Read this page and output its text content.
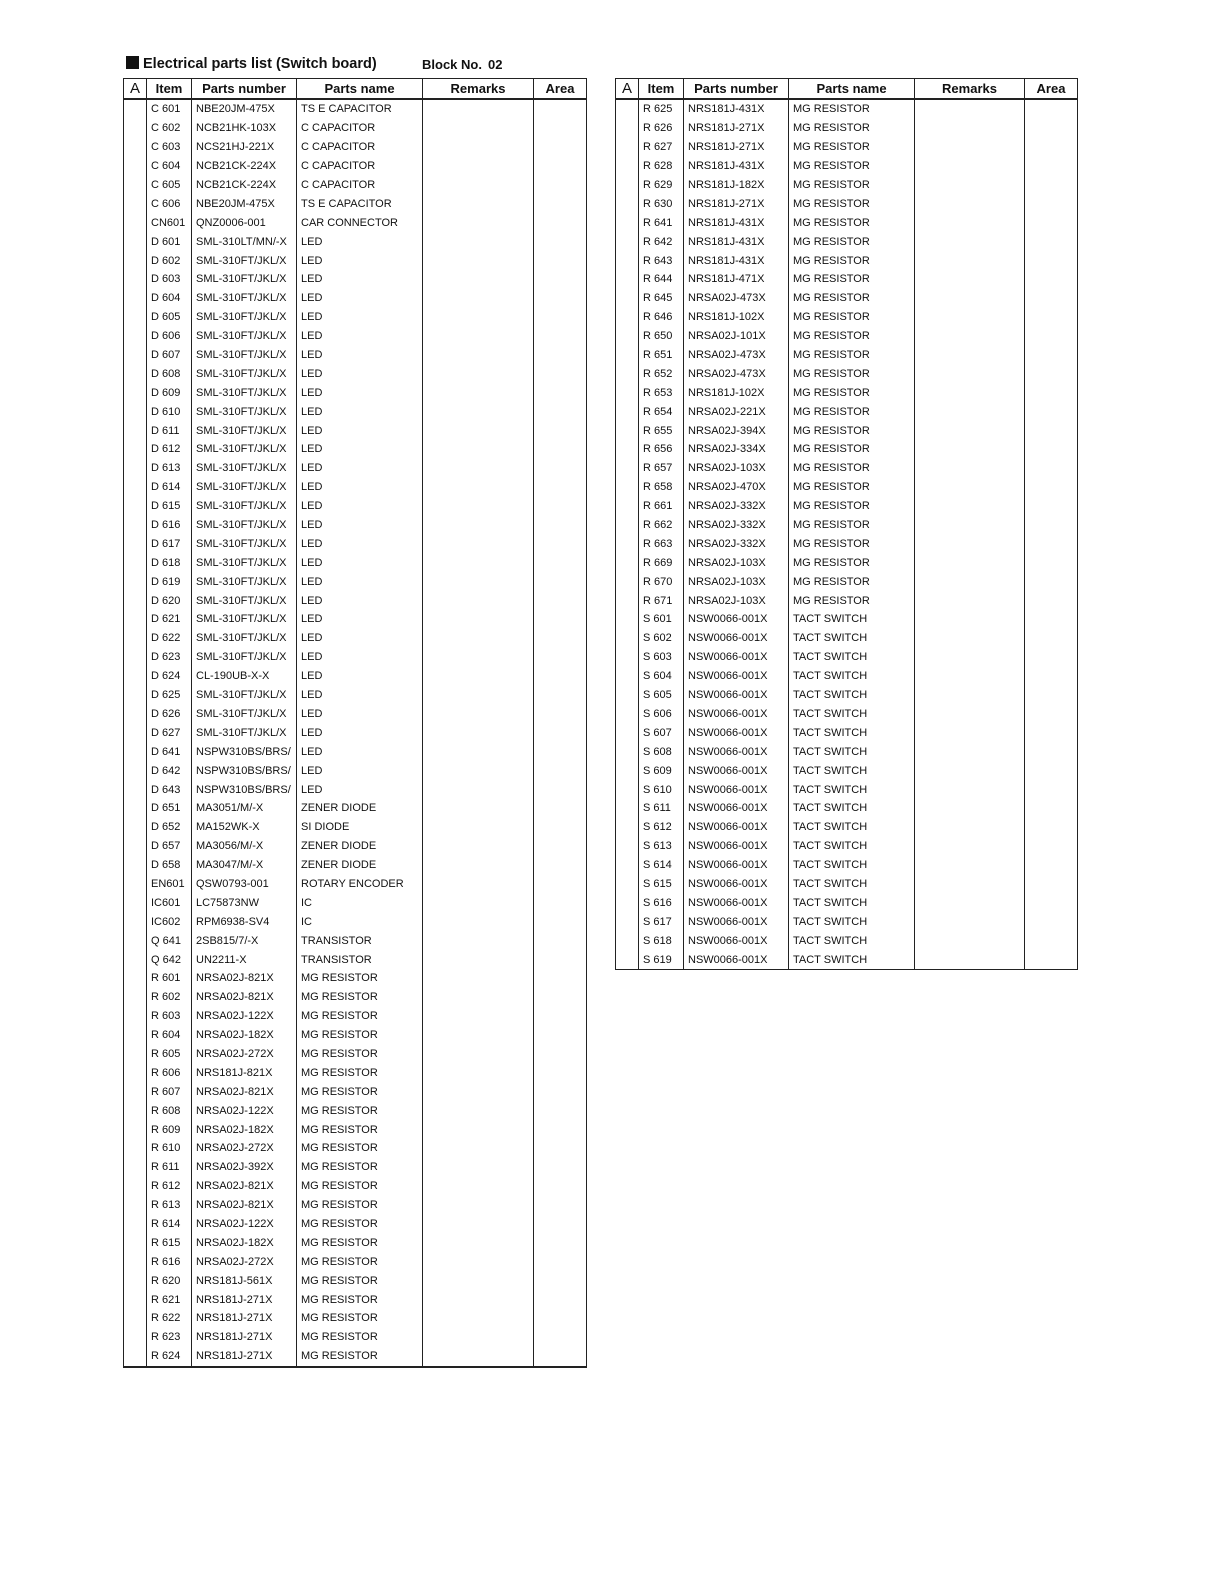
Electrical parts list (Switch board)	Block No. 02
A	Item	Parts number	Parts name	Remarks	Area
	C 601	NBE20JM-475X	TS E CAPACITOR		
	C 602	NCB21HK-103X	C CAPACITOR		
	C 603	NCS21HJ-221X	C CAPACITOR		
	C 604	NCB21CK-224X	C CAPACITOR		
	C 605	NCB21CK-224X	C CAPACITOR		
	C 606	NBE20JM-475X	TS E CAPACITOR		
	CN601	QNZ0006-001	CAR CONNECTOR		
	D 601	SML-310LT/MN/-X	LED		
	D 602	SML-310FT/JKL/X	LED		
	D 603	SML-310FT/JKL/X	LED		
	D 604	SML-310FT/JKL/X	LED		
	D 605	SML-310FT/JKL/X	LED		
	D 606	SML-310FT/JKL/X	LED		
	D 607	SML-310FT/JKL/X	LED		
	D 608	SML-310FT/JKL/X	LED		
	D 609	SML-310FT/JKL/X	LED		
	D 610	SML-310FT/JKL/X	LED		
	D 611	SML-310FT/JKL/X	LED		
	D 612	SML-310FT/JKL/X	LED		
	D 613	SML-310FT/JKL/X	LED		
	D 614	SML-310FT/JKL/X	LED		
	D 615	SML-310FT/JKL/X	LED		
	D 616	SML-310FT/JKL/X	LED		
	D 617	SML-310FT/JKL/X	LED		
	D 618	SML-310FT/JKL/X	LED		
	D 619	SML-310FT/JKL/X	LED		
	D 620	SML-310FT/JKL/X	LED		
	D 621	SML-310FT/JKL/X	LED		
	D 622	SML-310FT/JKL/X	LED		
	D 623	SML-310FT/JKL/X	LED		
	D 624	CL-190UB-X-X	LED		
	D 625	SML-310FT/JKL/X	LED		
	D 626	SML-310FT/JKL/X	LED		
	D 627	SML-310FT/JKL/X	LED		
	D 641	NSPW310BS/BRS/	LED		
	D 642	NSPW310BS/BRS/	LED		
	D 643	NSPW310BS/BRS/	LED		
	D 651	MA3051/M/-X	ZENER DIODE		
	D 652	MA152WK-X	SI DIODE		
	D 657	MA3056/M/-X	ZENER DIODE		
	D 658	MA3047/M/-X	ZENER DIODE		
	EN601	QSW0793-001	ROTARY ENCODER		
	IC601	LC75873NW	IC		
	IC602	RPM6938-SV4	IC		
	Q 641	2SB815/7/-X	TRANSISTOR		
	Q 642	UN2211-X	TRANSISTOR		
	R 601	NRSA02J-821X	MG RESISTOR		
	R 602	NRSA02J-821X	MG RESISTOR		
	R 603	NRSA02J-122X	MG RESISTOR		
	R 604	NRSA02J-182X	MG RESISTOR		
	R 605	NRSA02J-272X	MG RESISTOR		
	R 606	NRS181J-821X	MG RESISTOR		
	R 607	NRSA02J-821X	MG RESISTOR		
	R 608	NRSA02J-122X	MG RESISTOR		
	R 609	NRSA02J-182X	MG RESISTOR		
	R 610	NRSA02J-272X	MG RESISTOR		
	R 611	NRSA02J-392X	MG RESISTOR		
	R 612	NRSA02J-821X	MG RESISTOR		
	R 613	NRSA02J-821X	MG RESISTOR		
	R 614	NRSA02J-122X	MG RESISTOR		
	R 615	NRSA02J-182X	MG RESISTOR		
	R 616	NRSA02J-272X	MG RESISTOR		
	R 620	NRS181J-561X	MG RESISTOR		
	R 621	NRS181J-271X	MG RESISTOR		
	R 622	NRS181J-271X	MG RESISTOR		
	R 623	NRS181J-271X	MG RESISTOR		
	R 624	NRS181J-271X	MG RESISTOR		
A	Item	Parts number	Parts name	Remarks	Area
	R 625	NRS181J-431X	MG RESISTOR		
	R 626	NRS181J-271X	MG RESISTOR		
	R 627	NRS181J-271X	MG RESISTOR		
	R 628	NRS181J-431X	MG RESISTOR		
	R 629	NRS181J-182X	MG RESISTOR		
	R 630	NRS181J-271X	MG RESISTOR		
	R 641	NRS181J-431X	MG RESISTOR		
	R 642	NRS181J-431X	MG RESISTOR		
	R 643	NRS181J-431X	MG RESISTOR		
	R 644	NRS181J-471X	MG RESISTOR		
	R 645	NRSA02J-473X	MG RESISTOR		
	R 646	NRS181J-102X	MG RESISTOR		
	R 650	NRSA02J-101X	MG RESISTOR		
	R 651	NRSA02J-473X	MG RESISTOR		
	R 652	NRSA02J-473X	MG RESISTOR		
	R 653	NRS181J-102X	MG RESISTOR		
	R 654	NRSA02J-221X	MG RESISTOR		
	R 655	NRSA02J-394X	MG RESISTOR		
	R 656	NRSA02J-334X	MG RESISTOR		
	R 657	NRSA02J-103X	MG RESISTOR		
	R 658	NRSA02J-470X	MG RESISTOR		
	R 661	NRSA02J-332X	MG RESISTOR		
	R 662	NRSA02J-332X	MG RESISTOR		
	R 663	NRSA02J-332X	MG RESISTOR		
	R 669	NRSA02J-103X	MG RESISTOR		
	R 670	NRSA02J-103X	MG RESISTOR		
	R 671	NRSA02J-103X	MG RESISTOR		
	S 601	NSW0066-001X	TACT SWITCH		
	S 602	NSW0066-001X	TACT SWITCH		
	S 603	NSW0066-001X	TACT SWITCH		
	S 604	NSW0066-001X	TACT SWITCH		
	S 605	NSW0066-001X	TACT SWITCH		
	S 606	NSW0066-001X	TACT SWITCH		
	S 607	NSW0066-001X	TACT SWITCH		
	S 608	NSW0066-001X	TACT SWITCH		
	S 609	NSW0066-001X	TACT SWITCH		
	S 610	NSW0066-001X	TACT SWITCH		
	S 611	NSW0066-001X	TACT SWITCH		
	S 612	NSW0066-001X	TACT SWITCH		
	S 613	NSW0066-001X	TACT SWITCH		
	S 614	NSW0066-001X	TACT SWITCH		
	S 615	NSW0066-001X	TACT SWITCH		
	S 616	NSW0066-001X	TACT SWITCH		
	S 617	NSW0066-001X	TACT SWITCH		
	S 618	NSW0066-001X	TACT SWITCH		
	S 619	NSW0066-001X	TACT SWITCH		
